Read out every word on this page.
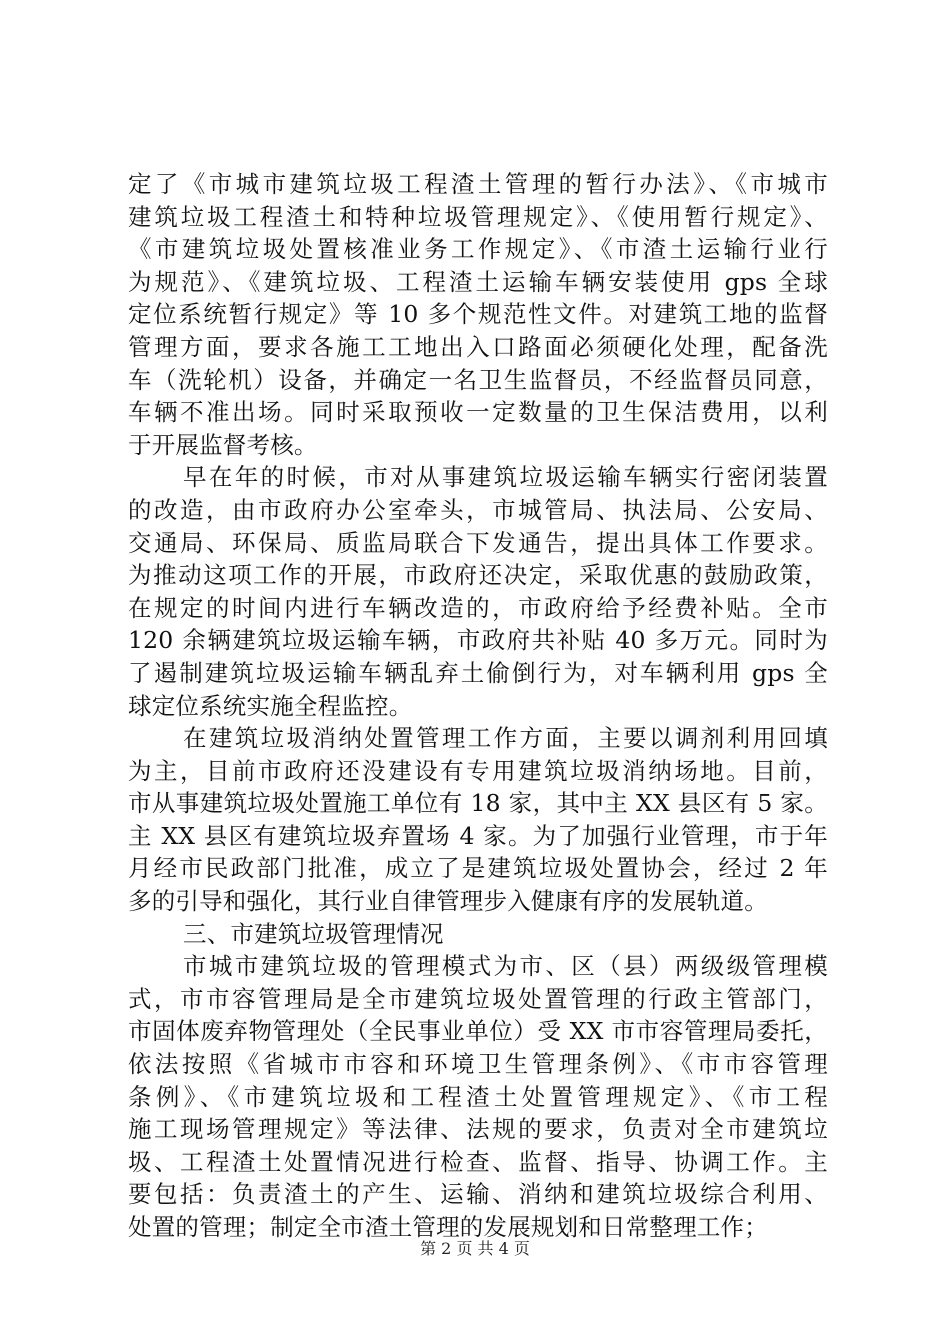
定了《市城市建筑垃圾工程渣土管理的暂行办法》、《市城市
建筑垃圾工程渣土和特种垃圾管理规定》、《使用暂行规定》、
《市建筑垃圾处置核准业务工作规定》、《市渣土运输行业行
为规范》、《建筑垃圾、工程渣土运输车辆安装使用 gps 全球
定位系统暂行规定》等 10 多个规范性文件。对建筑工地的监督
管理方面，要求各施工工地出入口路面必须硬化处理，配备洗
车（洗轮机）设备，并确定一名卫生监督员，不经监督员同意，
车辆不准出场。同时采取预收一定数量的卫生保洁费用，以利
于开展监督考核。
早在年的时候，市对从事建筑垃圾运输车辆实行密闭装置
的改造，由市政府办公室牵头，市城管局、执法局、公安局、
交通局、环保局、质监局联合下发通告，提出具体工作要求。
为推动这项工作的开展，市政府还决定，采取优惠的鼓励政策，
在规定的时间内进行车辆改造的，市政府给予经费补贴。全市
120 余辆建筑垃圾运输车辆，市政府共补贴 40 多万元。同时为
了遏制建筑垃圾运输车辆乱弃土偷倒行为，对车辆利用 gps 全
球定位系统实施全程监控。
在建筑垃圾消纳处置管理工作方面，主要以调剂利用回填
为主，目前市政府还没建设有专用建筑垃圾消纳场地。目前，
市从事建筑垃圾处置施工单位有 18 家，其中主 XX 县区有 5 家。
主 XX 县区有建筑垃圾弃置场 4 家。为了加强行业管理，市于年
月经市民政部门批准，成立了是建筑垃圾处置协会，经过 2 年
多的引导和强化，其行业自律管理步入健康有序的发展轨道。
三、市建筑垃圾管理情况
市城市建筑垃圾的管理模式为市、区（县）两级级管理模
式，市市容管理局是全市建筑垃圾处置管理的行政主管部门，
市固体废弃物管理处（全民事业单位）受 XX 市市容管理局委托，
依法按照《省城市市容和环境卫生管理条例》、《市市容管理
条例》、《市建筑垃圾和工程渣土处置管理规定》、《市工程
施工现场管理规定》等法律、法规的要求，负责对全市建筑垃
圾、工程渣土处置情况进行检查、监督、指导、协调工作。主
要包括：负责渣土的产生、运输、消纳和建筑垃圾综合利用、
处置的管理；制定全市渣土管理的发展规划和日常整理工作；
第 2 页 共 4 页
